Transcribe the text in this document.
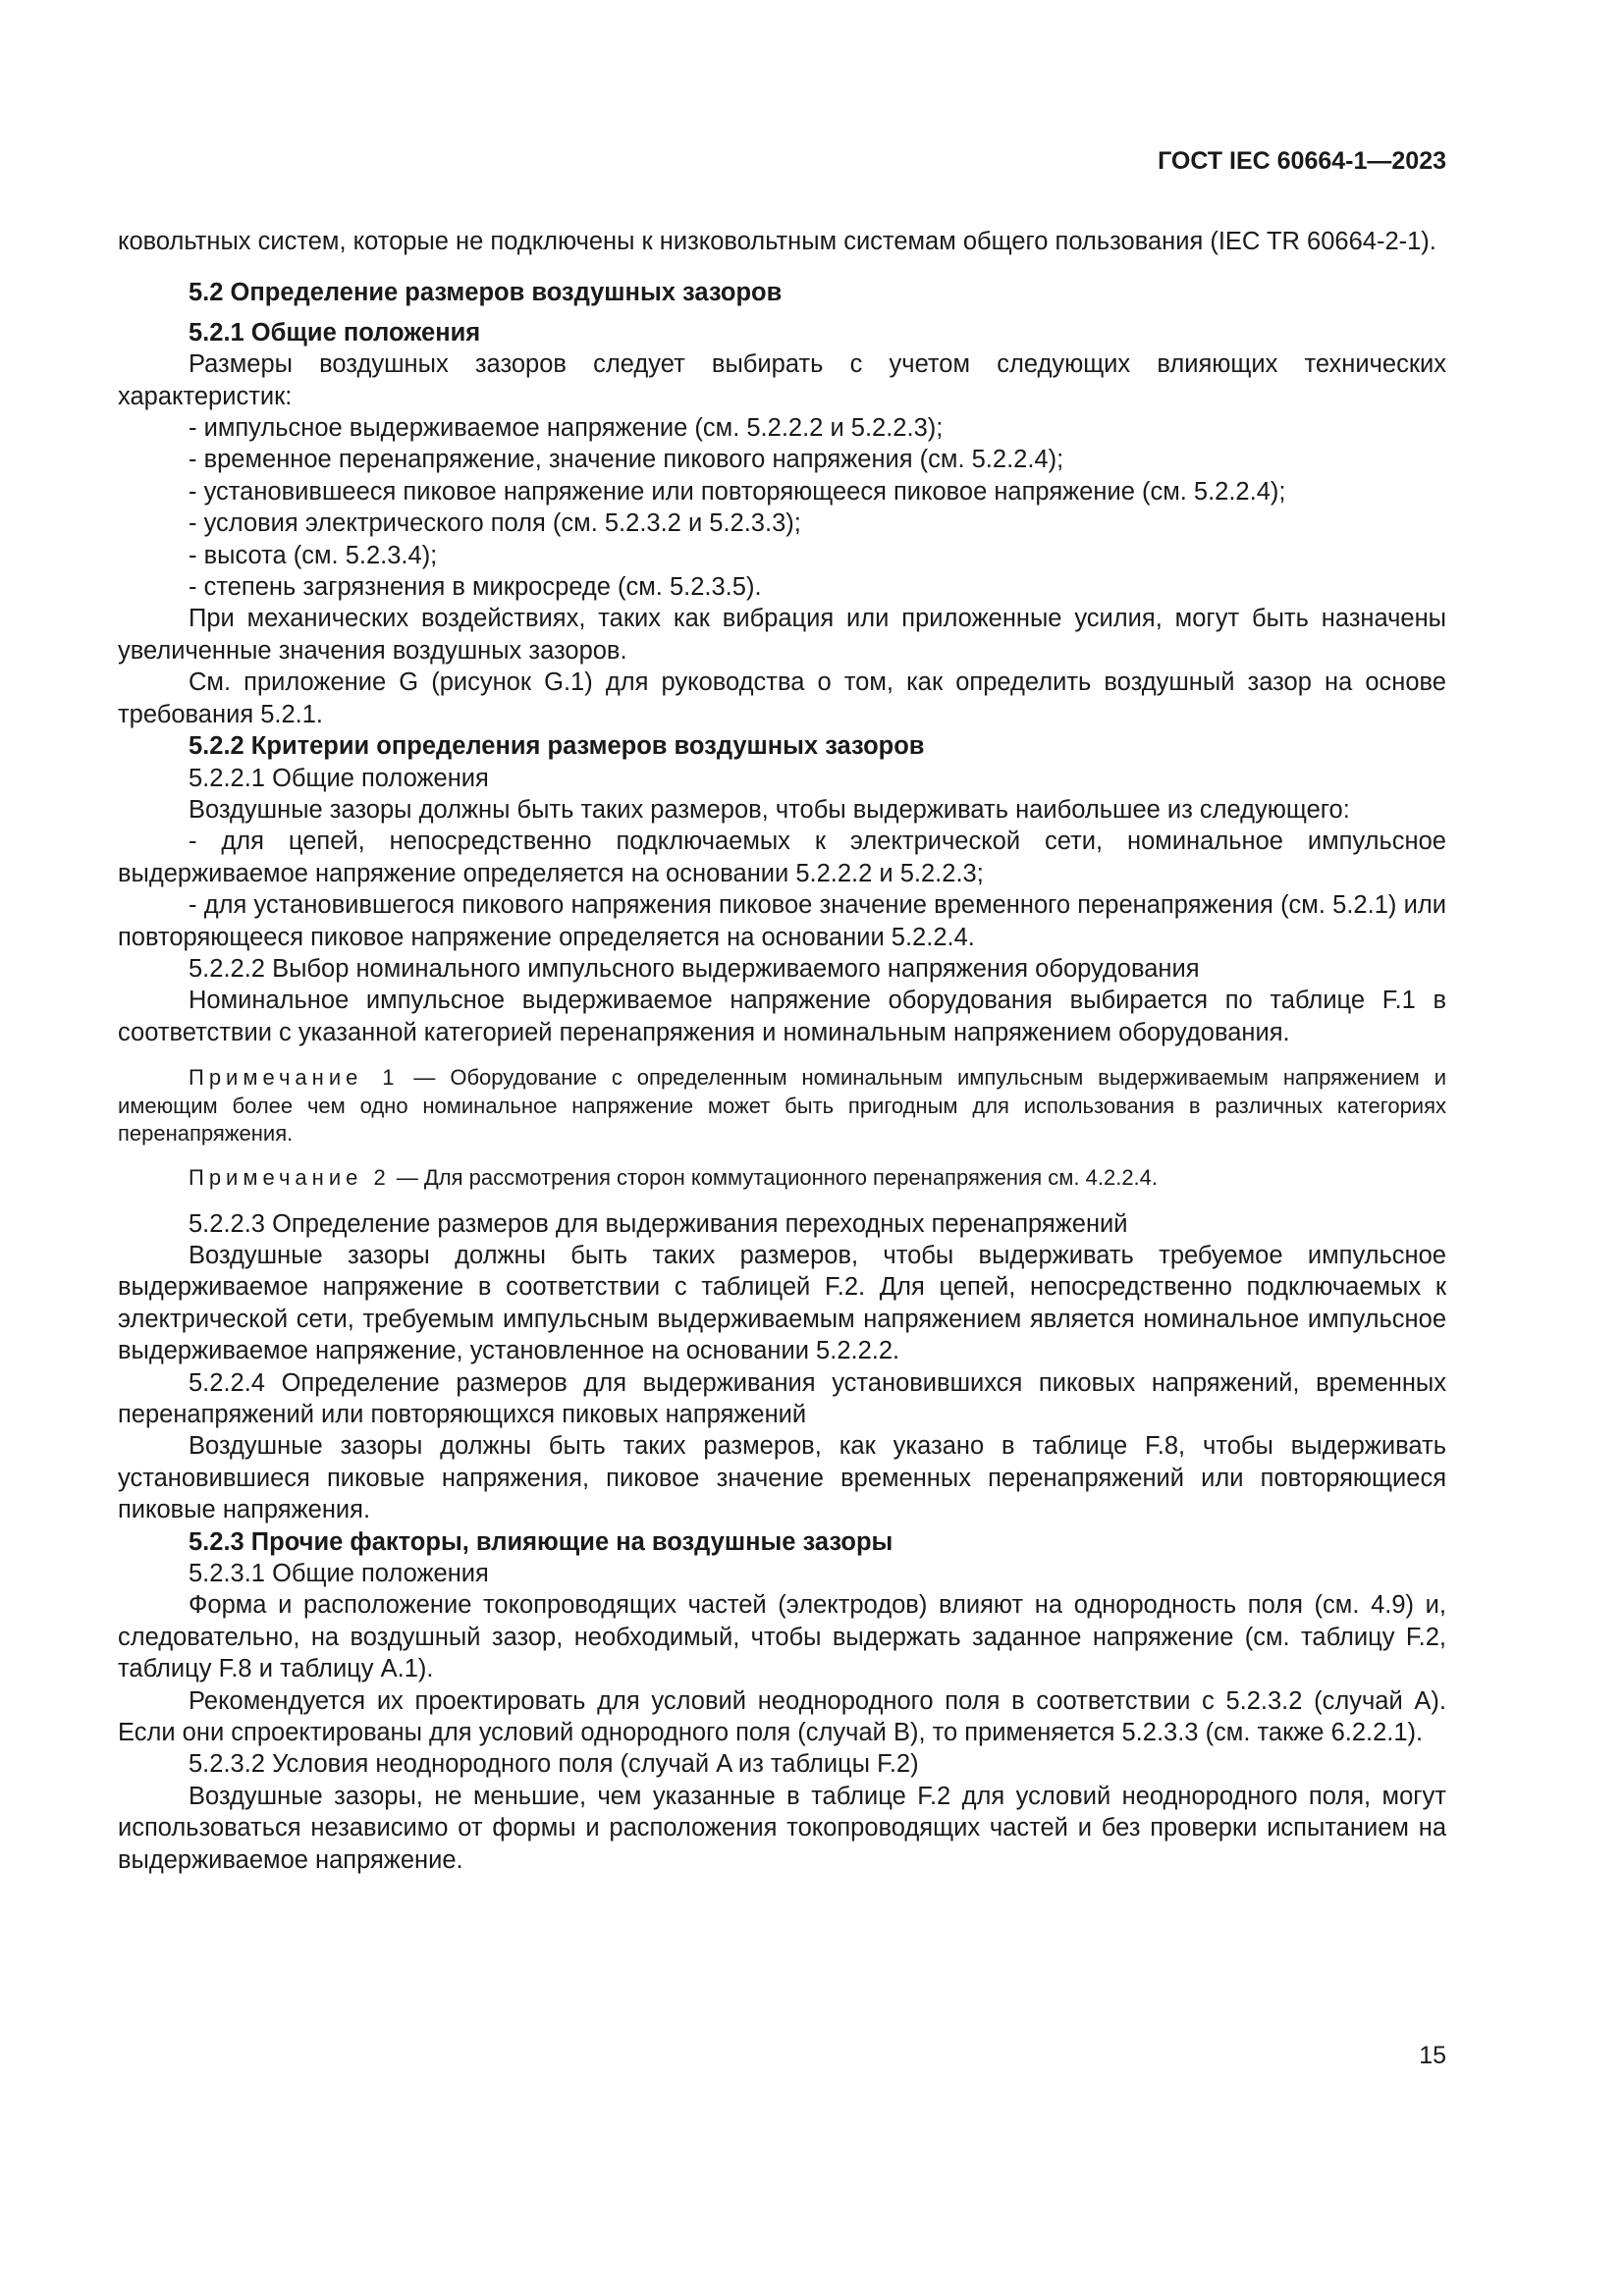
ГОСТ IEC 60664-1—2023

ковольтных систем, которые не подключены к низковольтным системам общего пользования (IEC TR 60664-2-1).

5.2 Определение размеров воздушных зазоров

5.2.1 Общие положения

Размеры воздушных зазоров следует выбирать с учетом следующих влияющих технических характеристик:

- импульсное выдерживаемое напряжение (см. 5.2.2.2 и 5.2.2.3);

- временное перенапряжение, значение пикового напряжения (см. 5.2.2.4);

- установившееся пиковое напряжение или повторяющееся пиковое напряжение (см. 5.2.2.4);

- условия электрического поля (см. 5.2.3.2 и 5.2.3.3);

- высота (см. 5.2.3.4);

- степень загрязнения в микросреде (см. 5.2.3.5).

При механических воздействиях, таких как вибрация или приложенные усилия, могут быть назначены увеличенные значения воздушных зазоров.

См. приложение G (рисунок G.1) для руководства о том, как определить воздушный зазор на основе требования 5.2.1.

5.2.2 Критерии определения размеров воздушных зазоров

5.2.2.1 Общие положения

Воздушные зазоры должны быть таких размеров, чтобы выдерживать наибольшее из следующего:

- для цепей, непосредственно подключаемых к электрической сети, номинальное импульсное выдерживаемое напряжение определяется на основании 5.2.2.2 и 5.2.2.3;

- для установившегося пикового напряжения пиковое значение временного перенапряжения (см. 5.2.1) или повторяющееся пиковое напряжение определяется на основании 5.2.2.4.

5.2.2.2 Выбор номинального импульсного выдерживаемого напряжения оборудования

Номинальное импульсное выдерживаемое напряжение оборудования выбирается по таблице F.1 в соответствии с указанной категорией перенапряжения и номинальным напряжением оборудования.

Примечание 1 — Оборудование с определенным номинальным импульсным выдерживаемым напряжением и имеющим более чем одно номинальное напряжение может быть пригодным для использования в различных категориях перенапряжения.

Примечание 2 — Для рассмотрения сторон коммутационного перенапряжения см. 4.2.2.4.

5.2.2.3 Определение размеров для выдерживания переходных перенапряжений

Воздушные зазоры должны быть таких размеров, чтобы выдерживать требуемое импульсное выдерживаемое напряжение в соответствии с таблицей F.2. Для цепей, непосредственно подключаемых к электрической сети, требуемым импульсным выдерживаемым напряжением является номинальное импульсное выдерживаемое напряжение, установленное на основании 5.2.2.2.

5.2.2.4 Определение размеров для выдерживания установившихся пиковых напряжений, временных перенапряжений или повторяющихся пиковых напряжений

Воздушные зазоры должны быть таких размеров, как указано в таблице F.8, чтобы выдерживать установившиеся пиковые напряжения, пиковое значение временных перенапряжений или повторяющиеся пиковые напряжения.

5.2.3 Прочие факторы, влияющие на воздушные зазоры

5.2.3.1 Общие положения

Форма и расположение токопроводящих частей (электродов) влияют на однородность поля (см. 4.9) и, следовательно, на воздушный зазор, необходимый, чтобы выдержать заданное напряжение (см. таблицу F.2, таблицу F.8 и таблицу A.1).

Рекомендуется их проектировать для условий неоднородного поля в соответствии с 5.2.3.2 (случай A). Если они спроектированы для условий однородного поля (случай B), то применяется 5.2.3.3 (см. также 6.2.2.1).

5.2.3.2 Условия неоднородного поля (случай A из таблицы F.2)

Воздушные зазоры, не меньшие, чем указанные в таблице F.2 для условий неоднородного поля, могут использоваться независимо от формы и расположения токопроводящих частей и без проверки испытанием на выдерживаемое напряжение.

15
